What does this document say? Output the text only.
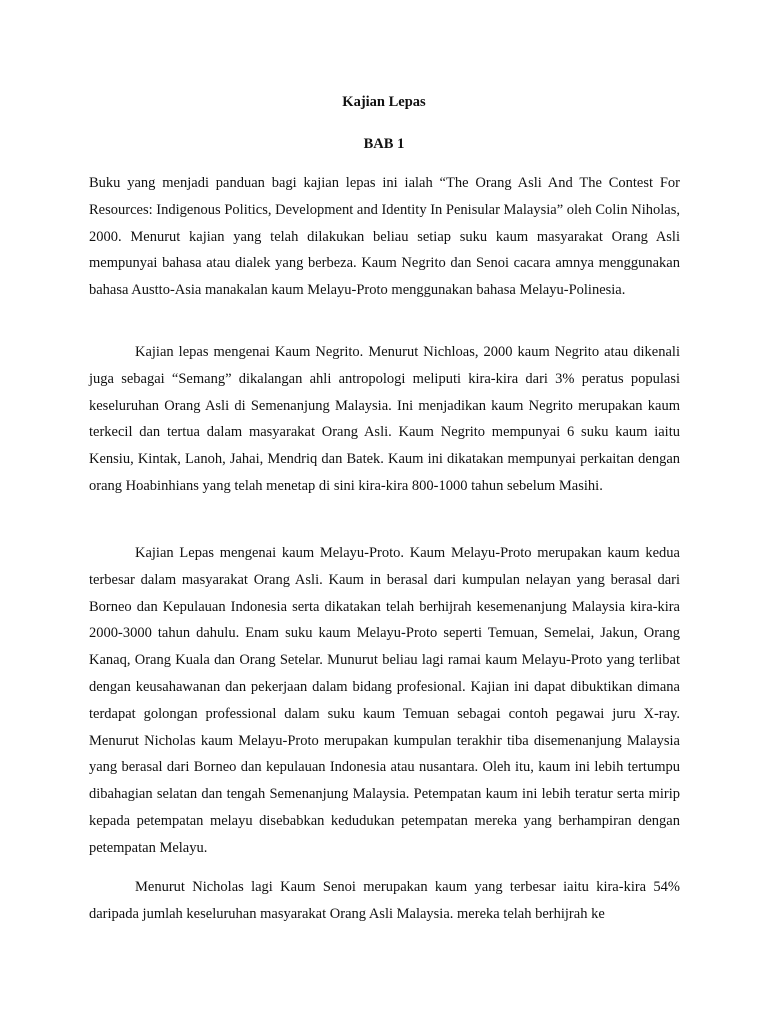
Kajian Lepas
BAB 1

Buku yang menjadi panduan bagi kajian lepas ini ialah “The Orang Asli And The Contest For Resources: Indigenous Politics, Development and Identity In Penisular Malaysia” oleh Colin Niholas, 2000. Menurut kajian yang telah dilakukan beliau setiap suku kaum masyarakat Orang Asli mempunyai bahasa atau dialek yang berbeza. Kaum Negrito dan Senoi cacara amnya menggunakan bahasa Austto-Asia manakalan kaum Melayu-Proto menggunakan bahasa Melayu-Polinesia.

Kajian lepas mengenai Kaum Negrito. Menurut Nichloas, 2000 kaum Negrito atau dikenali juga sebagai “Semang” dikalangan ahli antropologi meliputi kira-kira dari 3% peratus populasi keseluruhan Orang Asli di Semenanjung Malaysia. Ini menjadikan kaum Negrito merupakan kaum terkecil dan tertua dalam masyarakat Orang Asli. Kaum Negrito mempunyai 6 suku kaum iaitu Kensiu, Kintak, Lanoh, Jahai, Mendriq dan Batek. Kaum ini dikatakan mempunyai perkaitan dengan orang Hoabinhians yang telah menetap di sini kira-kira 800-1000 tahun sebelum Masihi.

Kajian Lepas mengenai kaum Melayu-Proto. Kaum Melayu-Proto merupakan kaum kedua terbesar dalam masyarakat Orang Asli. Kaum in berasal dari kumpulan nelayan yang berasal dari Borneo dan Kepulauan Indonesia serta dikatakan telah berhijrah kesemenanjung Malaysia kira-kira 2000-3000 tahun dahulu. Enam suku kaum Melayu-Proto seperti Temuan, Semelai, Jakun, Orang Kanaq, Orang Kuala dan Orang Setelar. Munurut beliau lagi ramai kaum Melayu-Proto yang terlibat dengan keusahawanan dan pekerjaan dalam bidang profesional. Kajian ini dapat dibuktikan dimana terdapat golongan professional dalam suku kaum Temuan sebagai contoh pegawai juru X-ray. Menurut Nicholas kaum Melayu-Proto merupakan kumpulan terakhir tiba disemenanjung Malaysia yang berasal dari Borneo dan kepulauan Indonesia atau nusantara. Oleh itu, kaum ini lebih tertumpu dibahagian selatan dan tengah Semenanjung Malaysia. Petempatan kaum ini lebih teratur serta mirip kepada petempatan melayu disebabkan kedudukan petempatan mereka yang berhampiran dengan petempatan Melayu.

Menurut Nicholas lagi Kaum Senoi merupakan kaum yang terbesar iaitu kira-kira 54% daripada jumlah keseluruhan masyarakat Orang Asli Malaysia. mereka telah berhijrah ke
